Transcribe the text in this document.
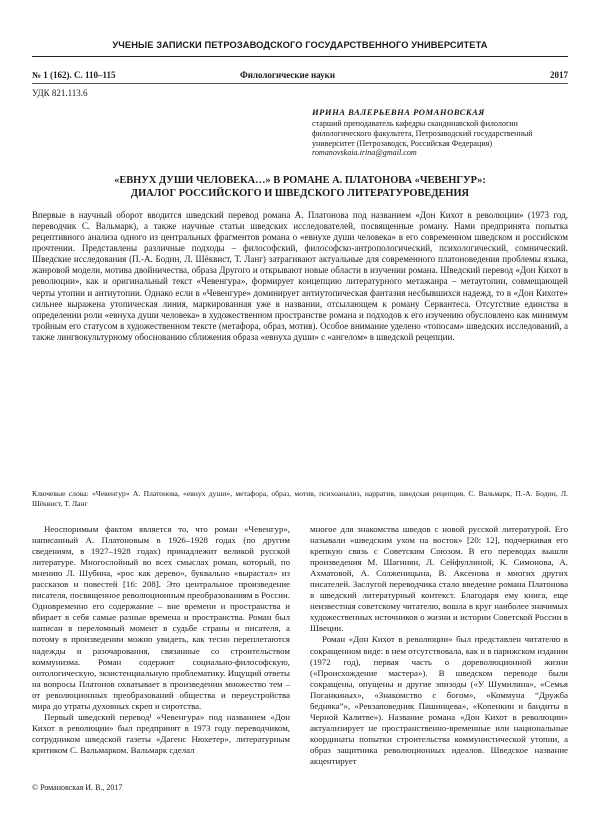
УЧЕНЫЕ ЗАПИСКИ ПЕТРОЗАВОДСКОГО ГОСУДАРСТВЕННОГО УНИВЕРСИТЕТА
№ 1 (162). С. 110–115	Филологические науки	2017
УДК 821.113.6
ИРИНА ВАЛЕРЬЕВНА РОМАНОВСКАЯ
старший преподаватель кафедры скандинавской филологии филологического факультета, Петрозаводский государственный университет (Петрозаводск, Российская Федерация)
romanovskaia.irina@gmail.com
«ЕВНУХ ДУШИ ЧЕЛОВЕКА…» В РОМАНЕ А. ПЛАТОНОВА «ЧЕВЕНГУР»:
ДИАЛОГ РОССИЙСКОГО И ШВЕДСКОГО ЛИТЕРАТУРОВЕДЕНИЯ
Впервые в научный оборот вводится шведский перевод романа А. Платонова под названием «Дон Кихот в революции» (1973 год, переводчик С. Вальмарк), а также научные статьи шведских исследователей, посвященные роману. Нами предпринята попытка рецептивного анализа одного из центральных фрагментов романа о «евнухе души человека» в его современном шведском и российском прочтении. Представлены различные подходы – философский, философско-антропологический, психологический, сомнический. Шведские исследования (П.-А. Бодин, Л. Шёквист, Т. Ланг) затрагивают актуальные для современного платоноведения проблемы языка, жанровой модели, мотива двойничества, образа Другого и открывают новые области в изучении романа. Шведский перевод «Дон Кихот в революции», как и оригинальный текст «Чевенгура», формирует концепцию литературного метажанра – метаутопии, совмещающей черты утопии и антиутопии. Однако если в «Чевенгуре» доминирует антиутопическая фантазия несбывшихся надежд, то в «Дон Кихоте» сильнее выражена утопическая линия, маркированная уже в названии, отсылающем к роману Сервантеса. Отсутствие единства в определении роли «евнуха души человека» в художественном пространстве романа и подходов к его изучению обусловлено как минимум тройным его статусом в художественном тексте (метафора, образ, мотив). Особое внимание уделено «топосам» шведских исследований, а также лингвокультурному обоснованию сближения образа «евнуха души» с «ангелом» в шведской рецепции.
Ключевые слова: «Чевенгур» А. Платонова, «евнух души», метафора, образ, мотив, психоанализ, нарратив, шведская рецепция, С. Вальмарк, П.-А. Бодин, Л. Шёквист, Т. Ланг

Неоспоримым фактом является то, что роман «Чевенгур», написанный А. Платоновым в 1926–1928 годах (по другим сведениям, в 1927–1928 годах) принадлежит великой русской литературе. Многослойный во всех смыслах роман, который, по мнению Л. Шубина, «рос как дерево», буквально «вырастал» из рассказов и повестей [16: 208]. Это центральное произведение писателя, посвященное революционным преобразованиям в России. Одновременно его содержание – вне времени и пространства и вбирает в себя самые разные времена и пространства. Роман был написан в переломный момент в судьбе страны и писателя, а потому в произведении можно увидеть, как тесно переплетаются надежды и разочарования, связанные со строительством коммунизма. Роман содержит социально-философскую, онтологическую, экзистенциальную проблематику. Ищущий ответы на вопросы Платонов охватывает в произведении множество тем – от революционных преобразований общества и переустройства мира до утраты духовных скреп и сиротства.

Первый шведский перевод¹ «Чевенгура» под названием «Дон Кихот в революции» был предпринят в 1973 году переводчиком, сотрудником шведской газеты «Дагенс Нюхетер», литературным критиком С. Вальмарком. Вальмарк сделал

многое для знакомства шведов с новой русской литературой. Его называли «шведским ухом на восток» [20: 12], подчеркивая его крепкую связь с Советским Союзом. В его переводах вышли произведения М. Шагинян, Л. Сейфуллиной, К. Симонова, А. Ахматовой, А. Солженицына, В. Аксенова и многих других писателей. Заслугой переводчика стало введение романа Платонова в шведский литературный контекст. Благодаря ему книга, еще неизвестная советскому читателю, вошла в круг наиболее значимых художественных источников о жизни и истории Советской России в Швеции.

Роман «Дон Кихот в революции» был представлен читателю в сокращенном виде: в нем отсутствовала, как и в парижском издании (1972 год), первая часть о дореволюционной жизни («Происхождение мастера»). В шведском переводе были сокращены, опущены и другие эпизоды («У Шумилина», «Семья Поганкиных», «Знакомство с богом», «Коммуна “Дружба бедняка”», «Ревзаповедник Пашинцева», «Копенкин и бандиты в Черной Калитве»). Название романа «Дон Кихот в революции» актуализирует не пространственно-временные или национальные координаты попытки строительства коммунистической утопии, а образ защитника революционных идеалов. Шведское название акцентирует

© Романовская И. В., 2017
